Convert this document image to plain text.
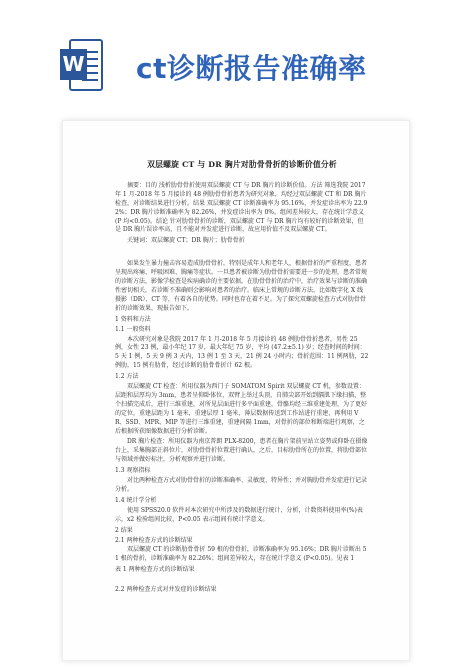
W ct诊断报告准确率
双层螺旋 CT 与 DR 胸片对肋骨骨折的诊断价值分析

摘要：目的 浅析肋骨骨折使用双层螺旋 CT 与 DR 胸片的诊断价值。方法 筛选我院 2017 年 1 月-2018 年 5 月接诊的 48 例肋骨骨折患者为研究对象，均经过双层螺旋 CT 和 DR 胸片检查，对诊断结果进行分析。结果 双层螺旋 CT 诊断准确率为 95.16%，并发症诊出率为 22.92%；DR 胸片诊断准确率为 82.26%，并发症诊出率为 0%。组间差异较大，存在统计学意义 (P 均<0.05)。结论 针对肋骨骨折的诊断，双层螺旋 CT 与 DR 胸片均有较好的诊断效果，但是 DR 胸片误诊率高，且不能对并发症进行诊断，故应用价值不及双层螺旋 CT。

关键词：双层螺旋 CT；DR 胸片；肋骨骨折

如果发生暴力撞击容易造成肋骨骨折，特别是成年人和老年人，根据骨折的严重程度，患者呈现出疼痛、呼吸困难、胸痛等症状。一旦患者被诊断为肋骨骨折需要进一步的处理，患者常规的诊断方法，影像学检查是疾病确诊的主要依据。在肋骨骨折的治疗中，治疗效果与诊断的准确性密切相关，若诊断不准确则会影响对患者的治疗。临床上常规的诊断方法，比如数字化 X 线摄影（DR）、CT 等，有着各自的优势。同时也存在着不足。为了探究双螺旋检查方式对肋骨骨折的诊断效果，现报告如下。

1 资料和方法

1.1 一般资料

本次研究对象是我院 2017 年 1 月-2018 年 5 月接诊的 48 例肋骨骨折患者，男性 25 例，女性 23 例，最小年纪 17 岁，最大年纪 75 岁，平均 (47.2±5.1) 岁；经查时间的时间：5 天 1 例，5 天 9 例 3 天内，13 例 1 至 3 天，21 例 24 小时内；骨折范围：11 例两肋，22 例肋，15 例有肋骨，经过诊断的肋骨骨折计 62 根。

1.2 方法

双层螺旋 CT 检查：所用仪器为西门子 SOMATOM Spirit 双层螺旋 CT 机，参数设置：层距和层厚均为 3mm，患者呈仰卧体位，双臂上举过头顶，自肺尖部开始到膈肌下缘扫描，整个扫描完成后，进行三维重建，对所见层面进行多平面重建，骨骼均经三维重建处理，为了更好的定位，重建层距为 1 毫米，重建层厚 1 毫米，薄层数据传送到工作站进行重建，再利用 VR、SSD、MPR、MIP 等进行三维重建，重建间隔 1mm，对骨折的部位和断端进行观察，之后根据所获图像数据进行分析诊断。

DR 胸片检查：所用仪器为南京普朗 PLX-8200，患者在胸片架前呈站立姿势或仰卧在摄像台上，采集胸部正斜位片，对肋骨骨折位置进行确认，之后，目标肋骨所在的位置，将肋骨部位与领域并做好标注，分析观察并进行诊断。

1.3 观察指标

对比两种检查方式对肋骨骨折的诊断准确率、灵敏度、特异性；并对胸肋骨并发症进行记录分析。

1.4 统计学分析

使用 SPSS20.0 软件对本次研究中所涉及的数据进行统计、分析，计数资料使用率(%)表示，x2 检验组间比较，P<0.05 表示组间有统计学意义。

2 结果

2.1 两种检查方式的诊断结果

双层螺旋 CT 的诊断肋骨骨折 59 根的骨骨折，诊断准确率为 95.16%；DR 胸片诊断出 51 根的骨折，诊断准确率为 82.26%；组间差异较大，存在统计学意义 (P<0.05)。见表 1

表 1 两种检查方式的诊断结果

2.2 两种检查方式对并发症的诊断结果
